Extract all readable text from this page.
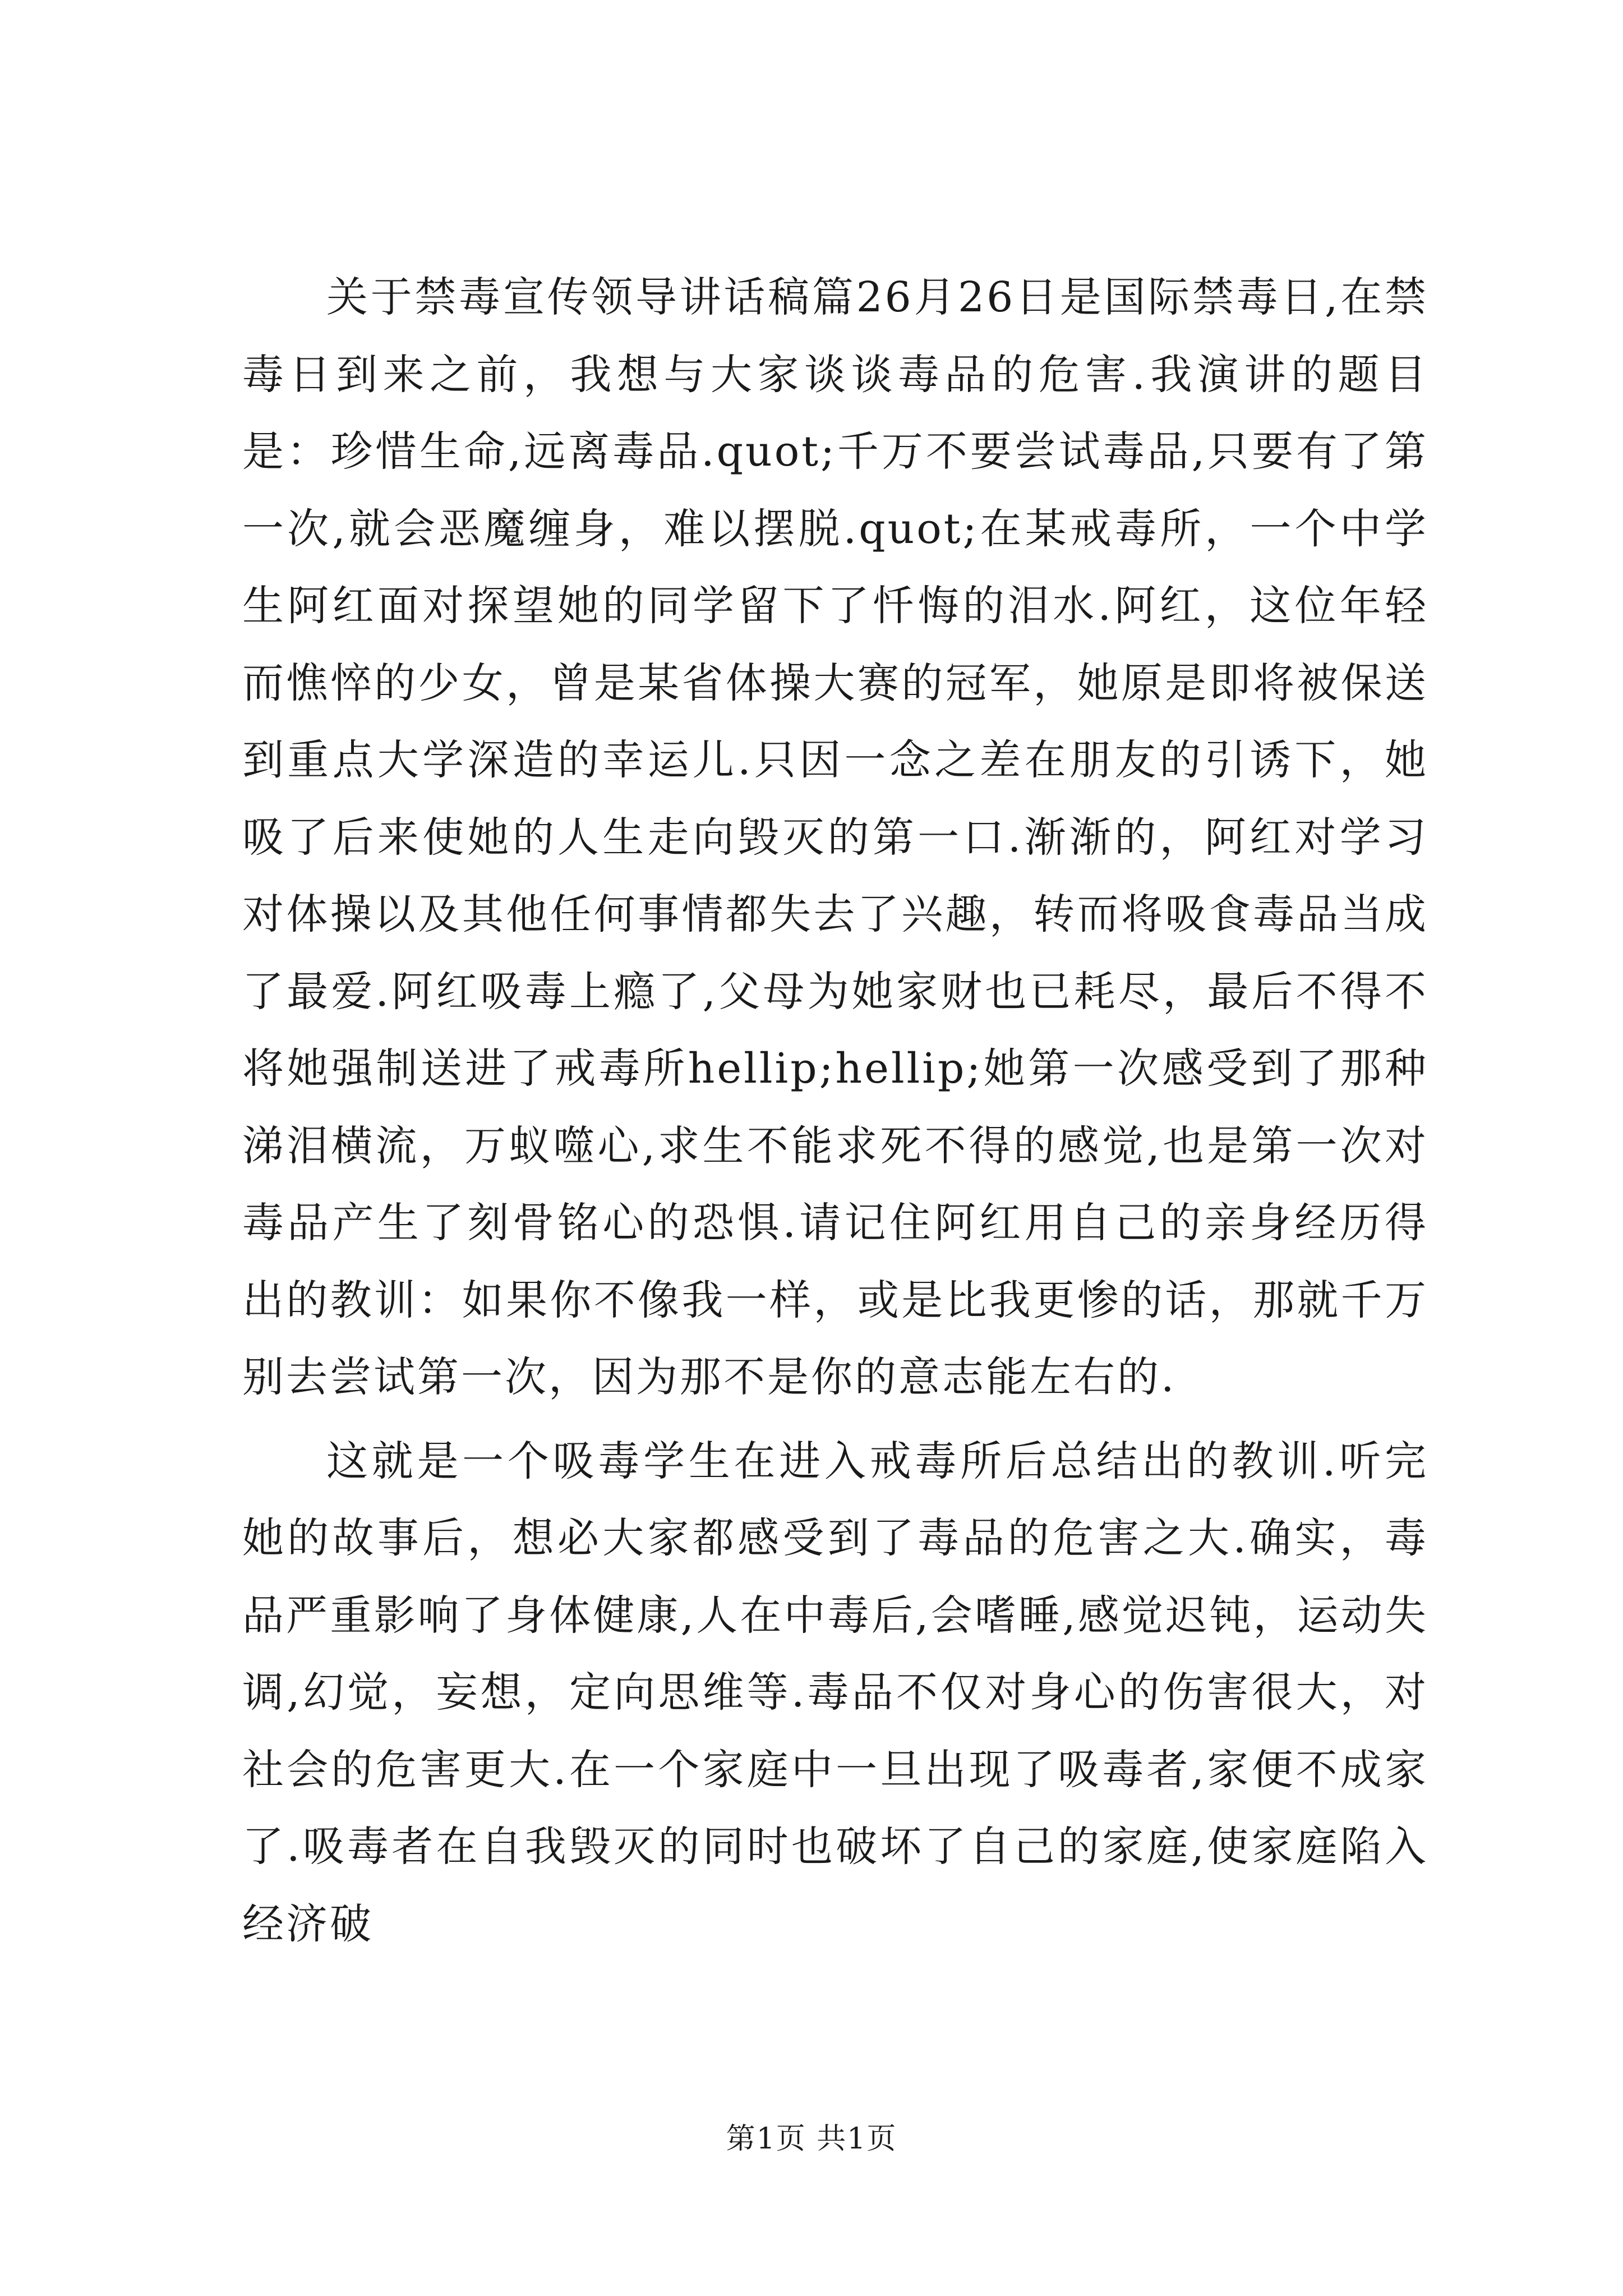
关于禁毒宣传领导讲话稿篇26月26日是国际禁毒日,在禁毒日到来之前，我想与大家谈谈毒品的危害.我演讲的题目是：珍惜生命,远离毒品.quot;千万不要尝试毒品,只要有了第一次,就会恶魔缠身，难以摆脱.quot;在某戒毒所，一个中学生阿红面对探望她的同学留下了忏悔的泪水.阿红，这位年轻而憔悴的少女，曾是某省体操大赛的冠军，她原是即将被保送到重点大学深造的幸运儿.只因一念之差在朋友的引诱下，她吸了后来使她的人生走向毁灭的第一口.渐渐的，阿红对学习对体操以及其他任何事情都失去了兴趣，转而将吸食毒品当成了最爱.阿红吸毒上瘾了,父母为她家财也已耗尽，最后不得不将她强制送进了戒毒所hellip;hellip;她第一次感受到了那种涕泪横流，万蚁噬心,求生不能求死不得的感觉,也是第一次对毒品产生了刻骨铭心的恐惧.请记住阿红用自己的亲身经历得出的教训：如果你不像我一样，或是比我更惨的话，那就千万别去尝试第一次，因为那不是你的意志能左右的.

这就是一个吸毒学生在进入戒毒所后总结出的教训.听完她的故事后，想必大家都感受到了毒品的危害之大.确实，毒品严重影响了身体健康,人在中毒后,会嗜睡,感觉迟钝，运动失调,幻觉，妄想，定向思维等.毒品不仅对身心的伤害很大，对社会的危害更大.在一个家庭中一旦出现了吸毒者,家便不成家了.吸毒者在自我毁灭的同时也破坏了自己的家庭,使家庭陷入经济破

第1页 共1页
